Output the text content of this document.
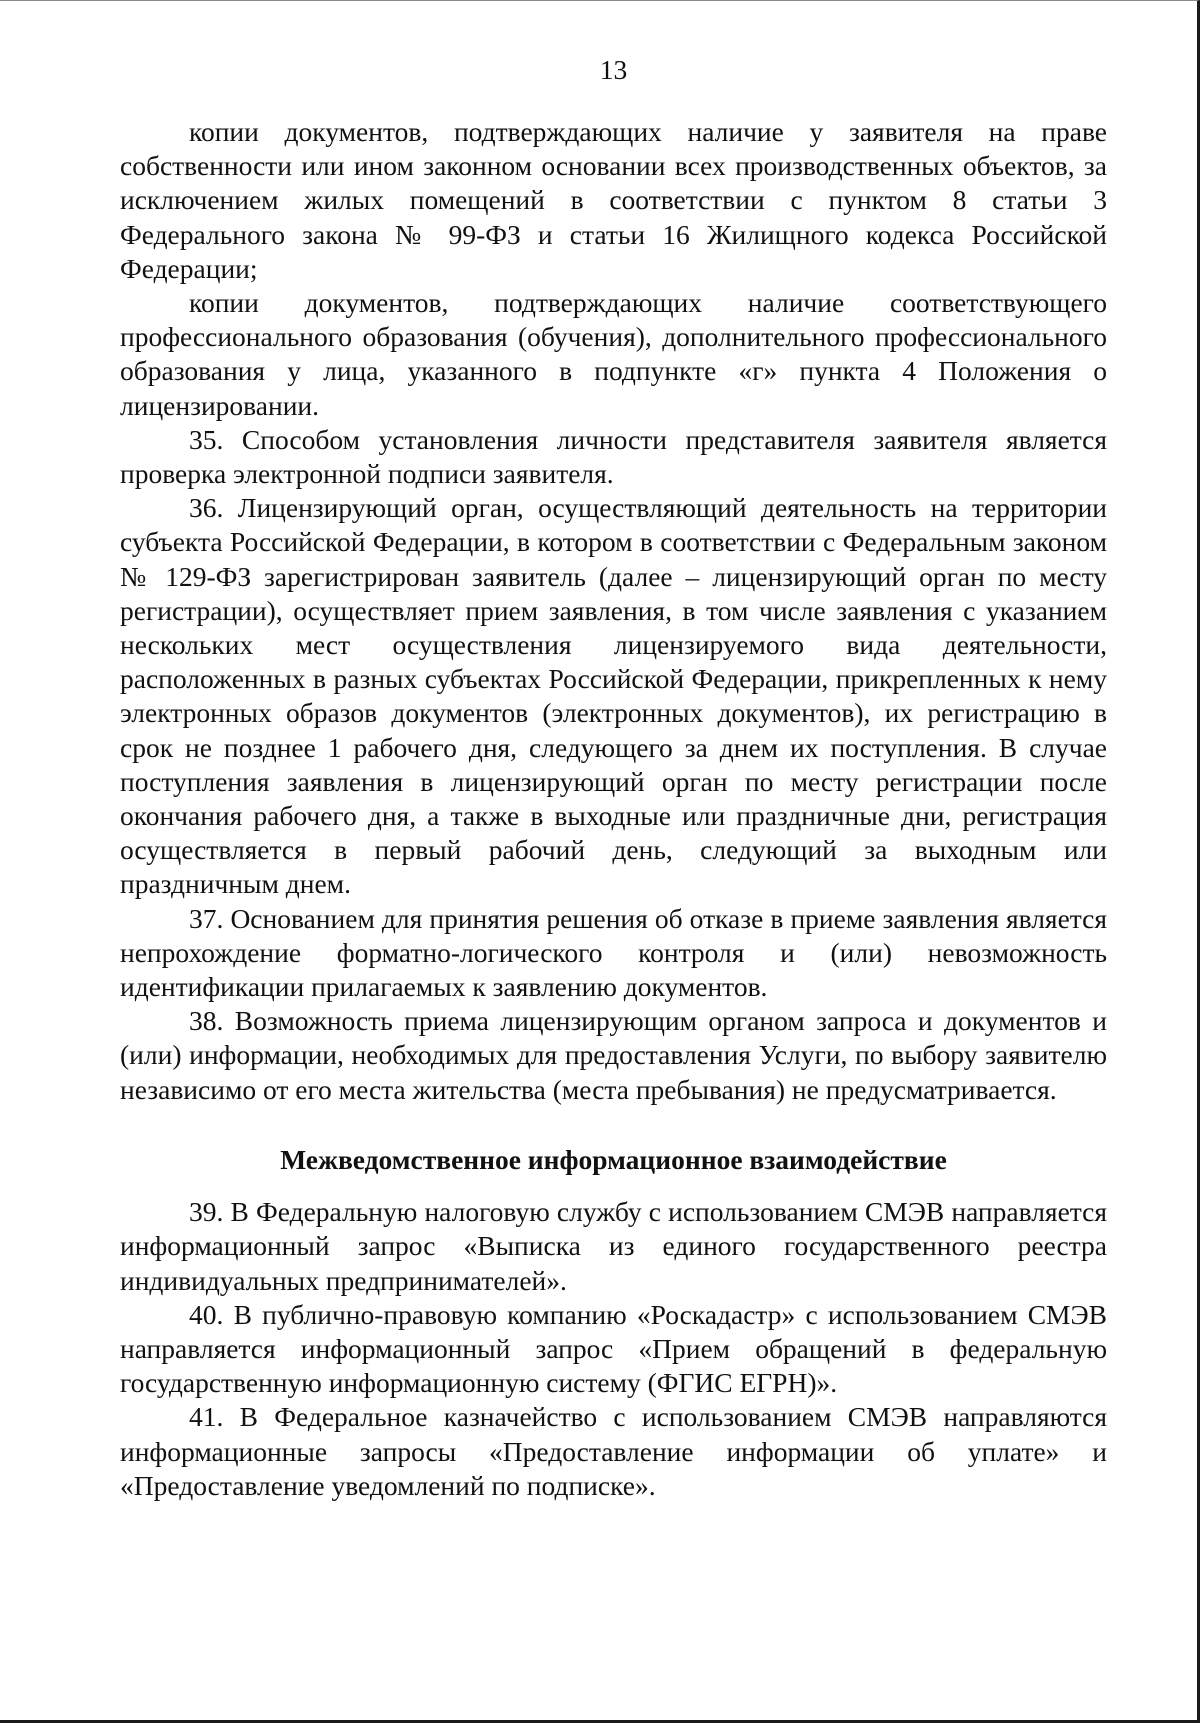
13

копии документов, подтверждающих наличие у заявителя на праве собственности или ином законном основании всех производственных объектов, за исключением жилых помещений в соответствии с пунктом 8 статьи 3 Федерального закона № 99-ФЗ и статьи 16 Жилищного кодекса Российской Федерации;

копии документов, подтверждающих наличие соответствующего профессионального образования (обучения), дополнительного профессионального образования у лица, указанного в подпункте «г» пункта 4 Положения о лицензировании.

35. Способом установления личности представителя заявителя является проверка электронной подписи заявителя.

36. Лицензирующий орган, осуществляющий деятельность на территории субъекта Российской Федерации, в котором в соответствии с Федеральным законом № 129-ФЗ зарегистрирован заявитель (далее – лицензирующий орган по месту регистрации), осуществляет прием заявления, в том числе заявления с указанием нескольких мест осуществления лицензируемого вида деятельности, расположенных в разных субъектах Российской Федерации, прикрепленных к нему электронных образов документов (электронных документов), их регистрацию в срок не позднее 1 рабочего дня, следующего за днем их поступления. В случае поступления заявления в лицензирующий орган по месту регистрации после окончания рабочего дня, а также в выходные или праздничные дни, регистрация осуществляется в первый рабочий день, следующий за выходным или праздничным днем.

37. Основанием для принятия решения об отказе в приеме заявления является непрохождение форматно-логического контроля и (или) невозможность идентификации прилагаемых к заявлению документов.

38. Возможность приема лицензирующим органом запроса и документов и (или) информации, необходимых для предоставления Услуги, по выбору заявителю независимо от его места жительства (места пребывания) не предусматривается.

Межведомственное информационное взаимодействие

39. В Федеральную налоговую службу с использованием СМЭВ направляется информационный запрос «Выписка из единого государственного реестра индивидуальных предпринимателей».

40. В публично-правовую компанию «Роскадастр» с использованием СМЭВ направляется информационный запрос «Прием обращений в федеральную государственную информационную систему (ФГИС ЕГРН)».

41. В Федеральное казначейство с использованием СМЭВ направляются информационные запросы «Предоставление информации об уплате» и «Предоставление уведомлений по подписке».
